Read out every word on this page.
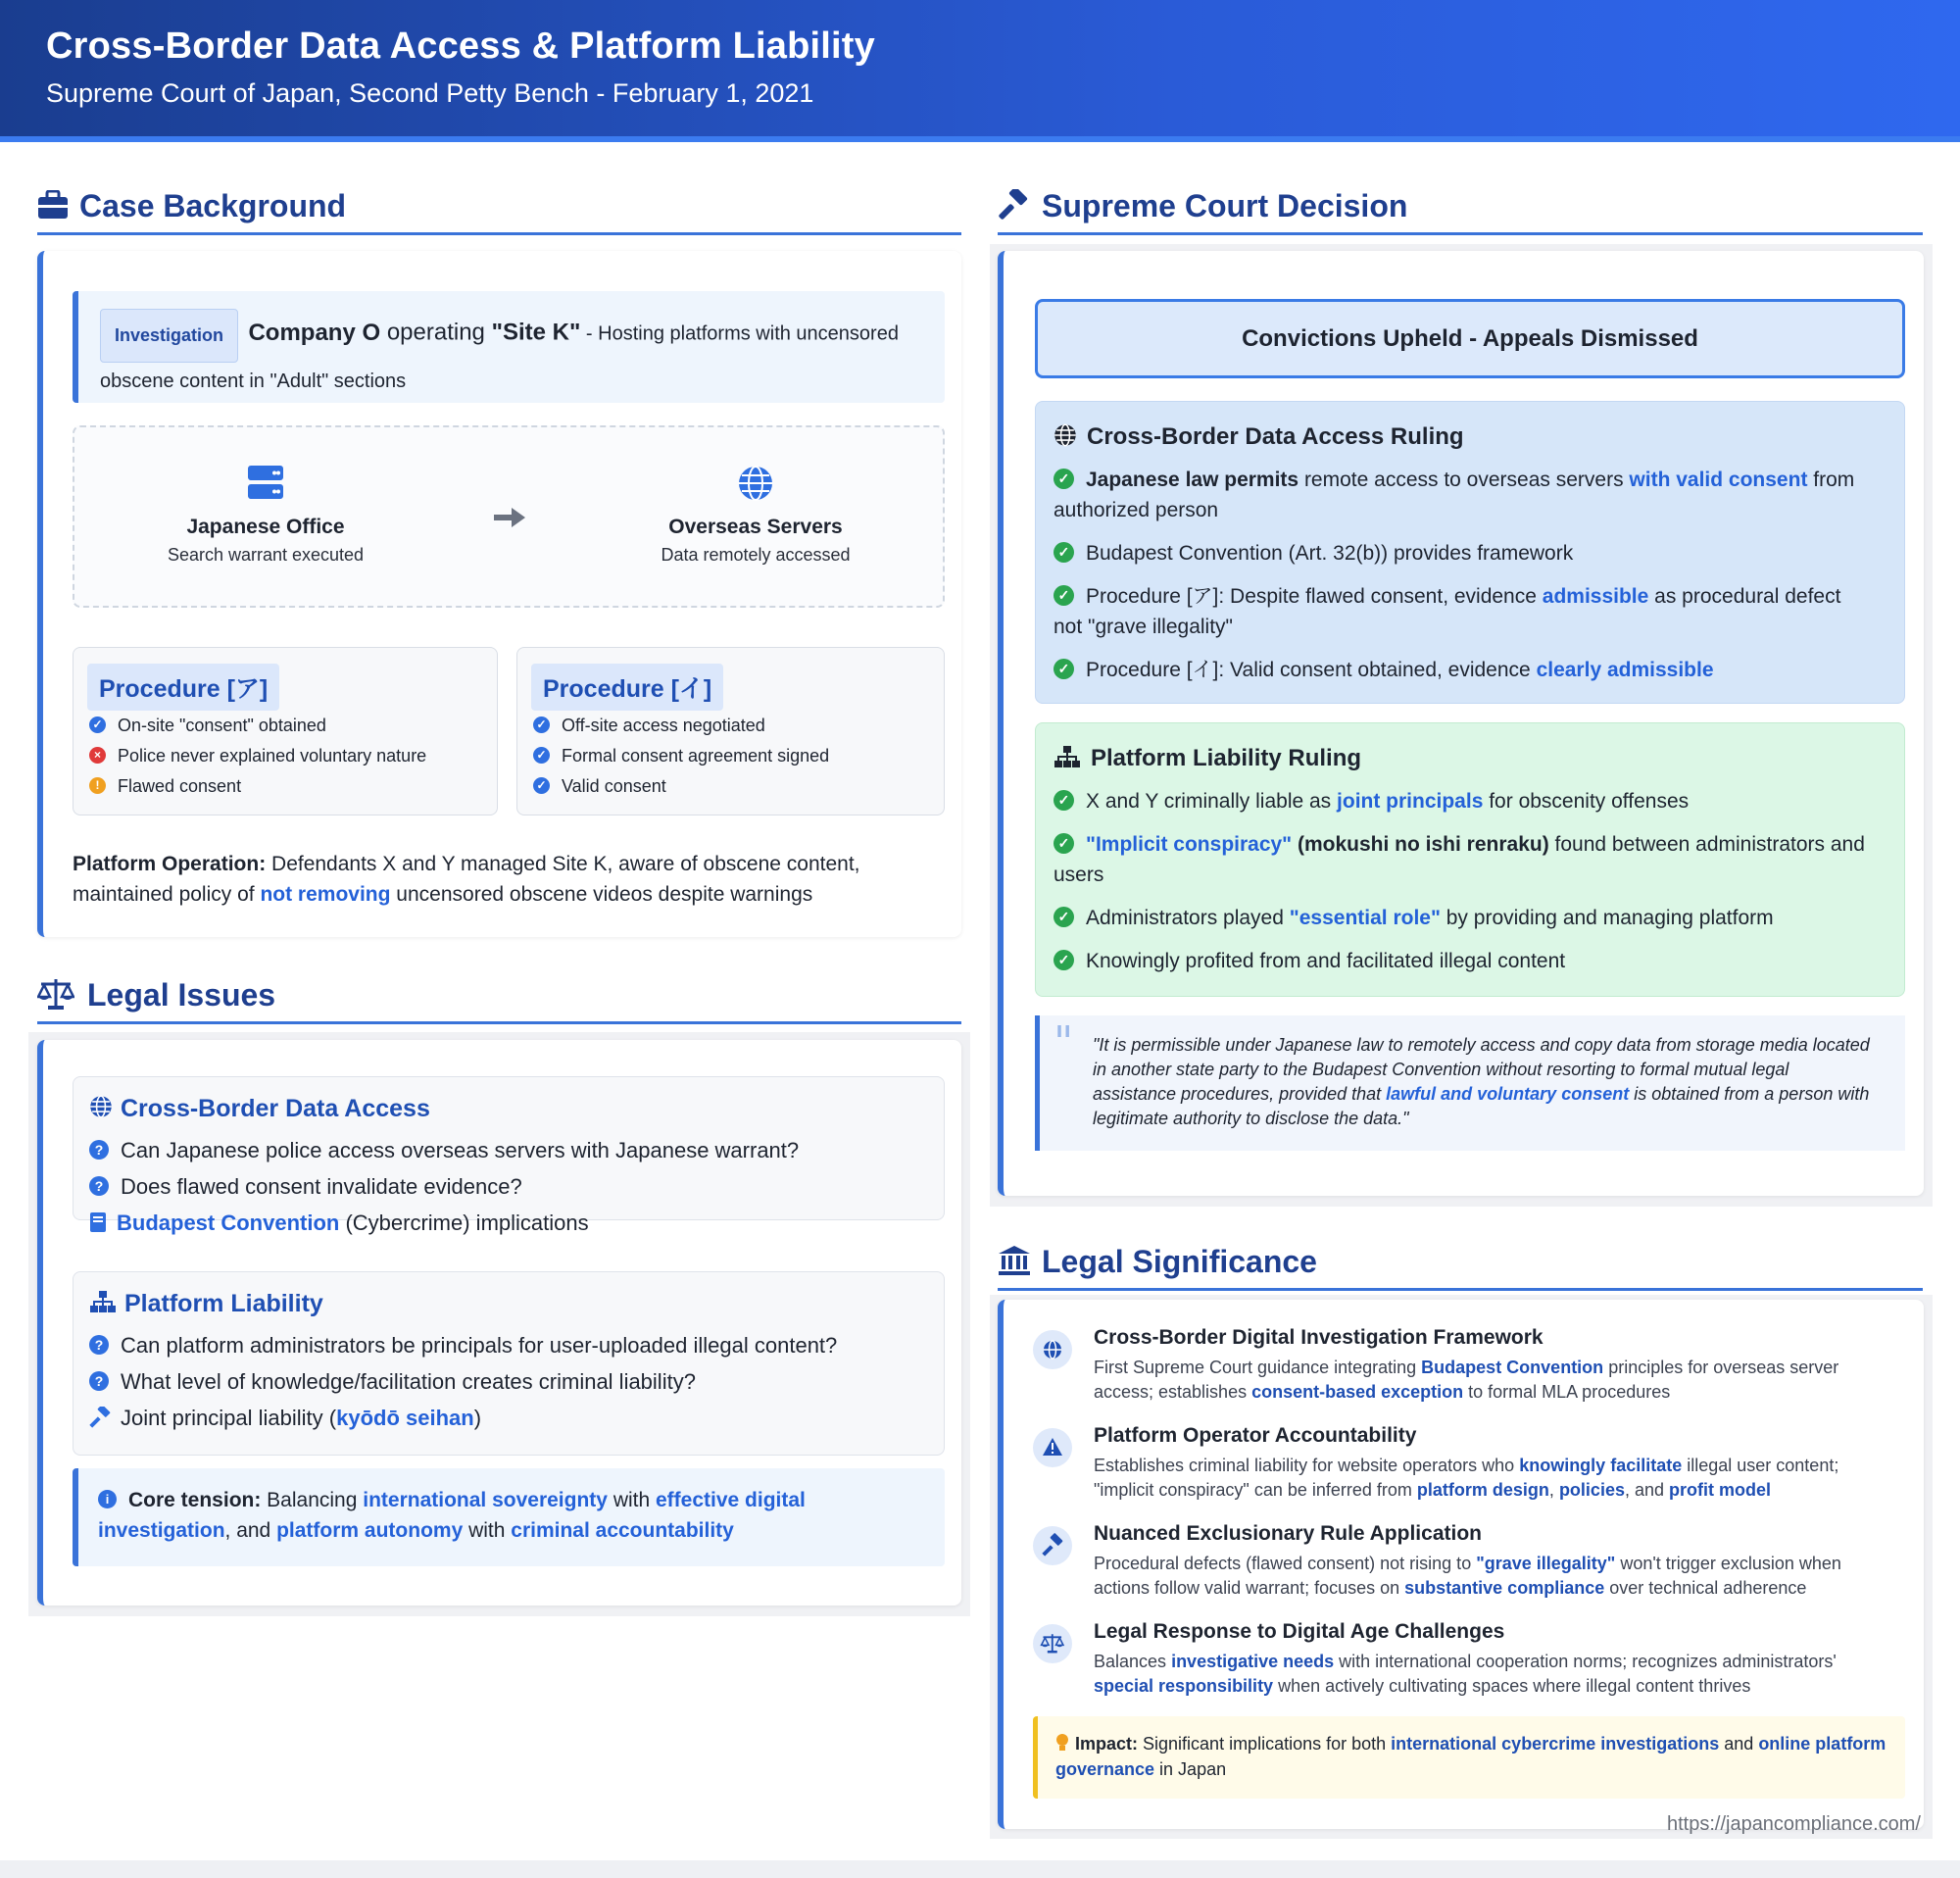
Cross-Border Data Access & Platform Liability
Supreme Court of Japan, Second Petty Bench - February 1, 2021
Case Background
Investigation Company O operating "Site K" - Hosting platforms with uncensored
obscene content in "Adult" sections
Japanese Office
Search warrant executed
Overseas Servers
Data remotely accessed
Procedure [ア]
✓ On-site "consent" obtained
× Police never explained voluntary nature
! Flawed consent
Procedure [イ]
✓ Off-site access negotiated
✓ Formal consent agreement signed
✓ Valid consent
Platform Operation: Defendants X and Y managed Site K, aware of obscene content,
maintained policy of not removing uncensored obscene videos despite warnings
Legal Issues
Cross-Border Data Access
? Can Japanese police access overseas servers with Japanese warrant?
? Does flawed consent invalidate evidence?
Budapest Convention (Cybercrime) implications
Platform Liability
? Can platform administrators be principals for user-uploaded illegal content?
? What level of knowledge/facilitation creates criminal liability?
Joint principal liability (kyōdō seihan)
i Core tension: Balancing international sovereignty with effective digital
investigation, and platform autonomy with criminal accountability
Supreme Court Decision
Convictions Upheld - Appeals Dismissed
Cross-Border Data Access Ruling
✓ Japanese law permits remote access to overseas servers with valid consent from
authorized person
✓ Budapest Convention (Art. 32(b)) provides framework
✓ Procedure [ア]: Despite flawed consent, evidence admissible as procedural defect
not "grave illegality"
✓ Procedure [イ]: Valid consent obtained, evidence clearly admissible
Platform Liability Ruling
✓ X and Y criminally liable as joint principals for obscenity offenses
✓ "Implicit conspiracy" (mokushi no ishi renraku) found between administrators and
users
✓ Administrators played "essential role" by providing and managing platform
✓ Knowingly profited from and facilitated illegal content
" "It is permissible under Japanese law to remotely access and copy data from storage media located in another state party to the Budapest Convention without resorting to formal mutual legal assistance procedures, provided that lawful and voluntary consent is obtained from a person with legitimate authority to disclose the data."
Legal Significance
Cross-Border Digital Investigation Framework
First Supreme Court guidance integrating Budapest Convention principles for overseas server access; establishes consent-based exception to formal MLA procedures
Platform Operator Accountability
Establishes criminal liability for website operators who knowingly facilitate illegal user content; "implicit conspiracy" can be inferred from platform design, policies, and profit model
Nuanced Exclusionary Rule Application
Procedural defects (flawed consent) not rising to "grave illegality" won't trigger exclusion when actions follow valid warrant; focuses on substantive compliance over technical adherence
Legal Response to Digital Age Challenges
Balances investigative needs with international cooperation norms; recognizes administrators' special responsibility when actively cultivating spaces where illegal content thrives
Impact: Significant implications for both international cybercrime investigations and online platform governance in Japan
https://japancompliance.com/
